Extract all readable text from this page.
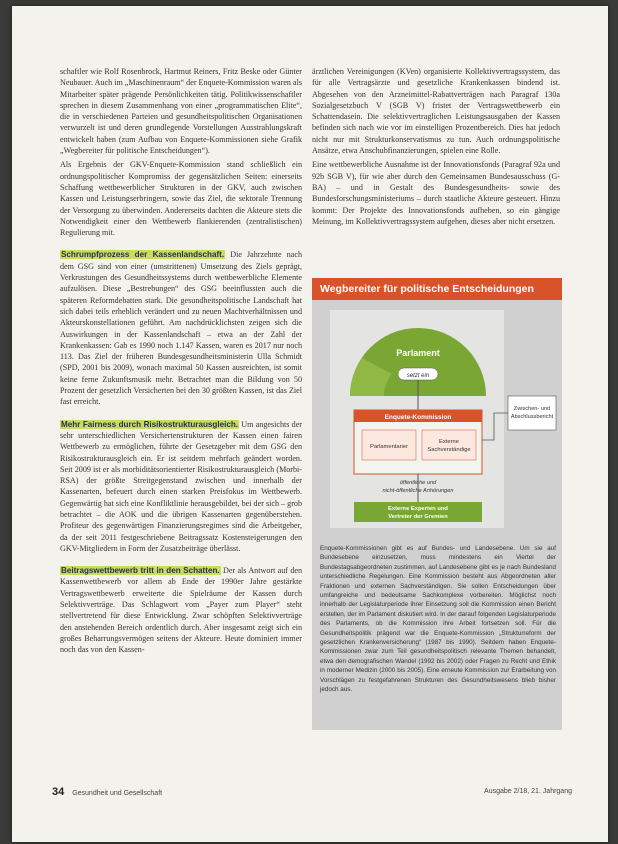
schaftler wie Rolf Rosenbrock, Hartmut Reiners, Fritz Beske oder Günter Neubauer. Auch im „Maschinenraum“ der Enquete-Kommission waren als Mitarbeiter später prägende Persönlichkeiten tätig. Politikwissenschaftler sprechen in diesem Zusammenhang von einer „programmatischen Elite“, die in verschiedenen Parteien und gesundheitspolitischen Organisationen verwurzelt ist und deren grundlegende Vorstellungen Ausstrahlungskraft entwickelt haben (zum Aufbau von Enquete-Kommissionen siehe Grafik „Wegbereiter für politische Entscheidungen“).

Als Ergebnis der GKV-Enquete-Kommission stand schließlich ein ordnungspolitischer Kompromiss der gegensätzlichen Seiten: einerseits Schaffung wettbewerblicher Strukturen in der GKV, auch zwischen Kassen und Leistungserbringern, sowie das Ziel, die sektorale Trennung der Versorgung zu überwinden. Andererseits dachten die Akteure stets die Notwendigkeit einer den Wettbewerb flankierenden (zentralistischen) Regulierung mit.

Schrumpfprozess der Kassenlandschaft. Die Jahrzehnte nach dem GSG sind von einer (umstrittenen) Umsetzung des Ziels geprägt, Verkrustungen des Gesundheitssystems durch wettbewerbliche Elemente aufzulösen. Diese „Bestrebungen“ des GSG beeinflussten auch die späteren Reformdebatten stark. Die gesundheitspolitische Landschaft hat sich dabei teils erheblich verändert und zu neuen Machtverhältnissen und Akteurskonstellationen geführt. Am nachdrücklichsten zeigen sich die Auswirkungen in der Kassenlandschaft – etwa an der Zahl der Krankenkassen: Gab es 1990 noch 1.147 Kassen, waren es 2017 nur noch 113. Das Ziel der früheren Bundesgesundheitsministerin Ulla Schmidt (SPD, 2001 bis 2009), wonach maximal 50 Kassen ausreichten, ist somit keine ferne Zukunftsmusik mehr. Betrachtet man die Bildung von 50 Prozent der gesetzlich Versicherten bei den 30 größten Kassen, ist das Ziel fast erreicht.

Mehr Fairness durch Risikostrukturausgleich. Um angesichts der sehr unterschiedlichen Versichertenstrukturen der Kassen einen fairen Wettbewerb zu ermöglichen, führte der Gesetzgeber mit dem GSG den Risikostrukturausgleich ein. Er ist seitdem mehrfach geändert worden. Seit 2009 ist er als morbiditätsorientierter Risikostrukturausgleich (Morbi-RSA) der größte Streitgegenstand zwischen und innerhalb der Kassenarten, befeuert durch einen starken Preisfokus im Wettbewerb. Gegenwärtig hat sich eine Konfliktlinie herausgebildet, bei der sich – grob betrachtet – die AOK und die übrigen Kassenarten gegenüberstehen. Profiteur des gegenwärtigen Finanzierungsregimes sind die Arbeitgeber, da der seit 2011 festgeschriebene Beitragssatz Kostensteigerungen den GKV-Mitgliedern in Form der Zusatzbeiträge überlässt.

Beitragswettbewerb tritt in den Schatten. Der als Antwort auf den Kassenwettbewerb vor allem ab Ende der 1990er Jahre gestärkte Vertragswettbewerb erweiterte die Spielräume der Kassen durch Selektivverträge. Das Schlagwort vom „Payer zum Player“ steht stellvertretend für diese Entwicklung. Zwar schöpften Selektivverträge den anstehenden Bereich ordentlich durch. Aber insgesamt zeigt sich ein großes Beharrungsvermögen seitens der Akteure. Heute dominiert immer noch das von den Kassen-

ärztlichen Vereinigungen (KVen) organisierte Kollektivvertragssystem, das für alle Vertragsärzte und gesetzliche Krankenkassen bindend ist. Abgesehen von den Arzneimittel-Rabattverträgen nach Paragraf 130a Sozialgesetzbuch V (SGB V) fristet der Vertragswettbewerb ein Schattendasein. Die selektivvertraglichen Leistungsausgaben der Kassen befinden sich nach wie vor im einstelligen Prozentbereich. Dies hat jedoch nicht nur mit Strukturkonservatismus zu tun. Auch ordnungspolitische Ansätze, etwa Anschubfinanzierungen, spielen eine Rolle.

Eine wettbewerbliche Ausnahme ist der Innovationsfonds (Paragraf 92a und 92b SGB V), für wie aber durch den Gemeinsamen Bundesausschuss (G-BA) – und in Gestalt des Bundesgesundheits- sowie des Bundesforschungsministeriums – durch staatliche Akteure gesteuert. Hinzu kommt: Der Projekte des Innovationsfonds aufheben, so ein gängige Meinung, im Kollektivvertragssystem aufgehen, dieses aber nicht ersetzen.

Wegbereiter für politische Entscheidungen
Parlament
setzt ein
Enquete-Kommission
Parlamentarier
Externe
Sachverständige
Zwischen- und
Abschlussbericht
öffentliche und
nicht-öffentliche Anhörungen
Externe Experten und
Vertreter der Gremien
Enquete-Kommissionen gibt es auf Bundes- und Landesebene. Um sie auf Bundesebene einzusetzen, muss mindestens ein Viertel der Bundestagsabgeordneten zustimmen, auf Landesebene gibt es je nach Bundesland unterschiedliche Regelungen. Eine Kommission besteht aus Abgeordneten aller Fraktionen und externen Sachverständigen. Sie sollen Entscheidungen über umfangreiche und bedeutsame Sachkomplexe vorbereiten. Möglichst noch innerhalb der Legislaturperiode ihrer Einsetzung soll die Kommission einen Bericht erstellen, der im Parlament diskutiert wird. In der darauf folgenden Legislaturperiode des Parlaments, ob die Kommission ihre Arbeit fortsetzen soll. Für die Gesundheitspolitik prägend war die Enquete-Kommission „Strukturreform der gesetzlichen Krankenversicherung“ (1987 bis 1990). Seitdem haben Enquete-Kommissionen zwar zum Teil gesundheitspolitisch relevante Themen behandelt, etwa den demografischen Wandel (1992 bis 2002) oder Fragen zu Recht und Ethik in moderner Medizin (2000 bis 2005). Eine erneute Kommission zur Erarbeitung von Vorschlägen zu festgefahrenen Strukturen des Gesundheitswesens blieb bisher jedoch aus.
34 Gesundheit und Gesellschaft	Ausgabe 2/18, 21. Jahrgang
